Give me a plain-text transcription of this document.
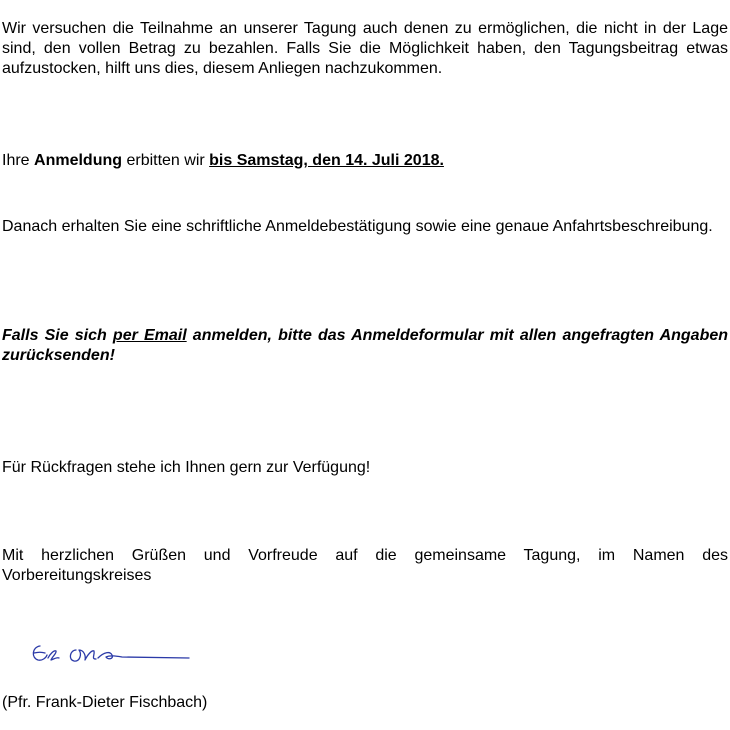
Wir versuchen die Teilnahme an unserer Tagung auch denen zu ermöglichen, die nicht in der Lage sind, den vollen Betrag zu bezahlen. Falls Sie die Möglichkeit haben, den Tagungsbeitrag etwas aufzustocken, hilft uns dies, diesem Anliegen nachzukommen.

Ihre Anmeldung erbitten wir bis Samstag, den 14. Juli 2018.

Danach erhalten Sie eine schriftliche Anmeldebestätigung sowie eine genaue Anfahrtsbeschreibung.

Falls Sie sich per Email anmelden, bitte das Anmeldeformular mit allen angefragten Angaben zurücksenden!

Für Rückfragen stehe ich Ihnen gern zur Verfügung!

Mit herzlichen Grüßen und Vorfreude auf die gemeinsame Tagung, im Namen des Vorbereitungskreises

(Pfr. Frank-Dieter Fischbach)
